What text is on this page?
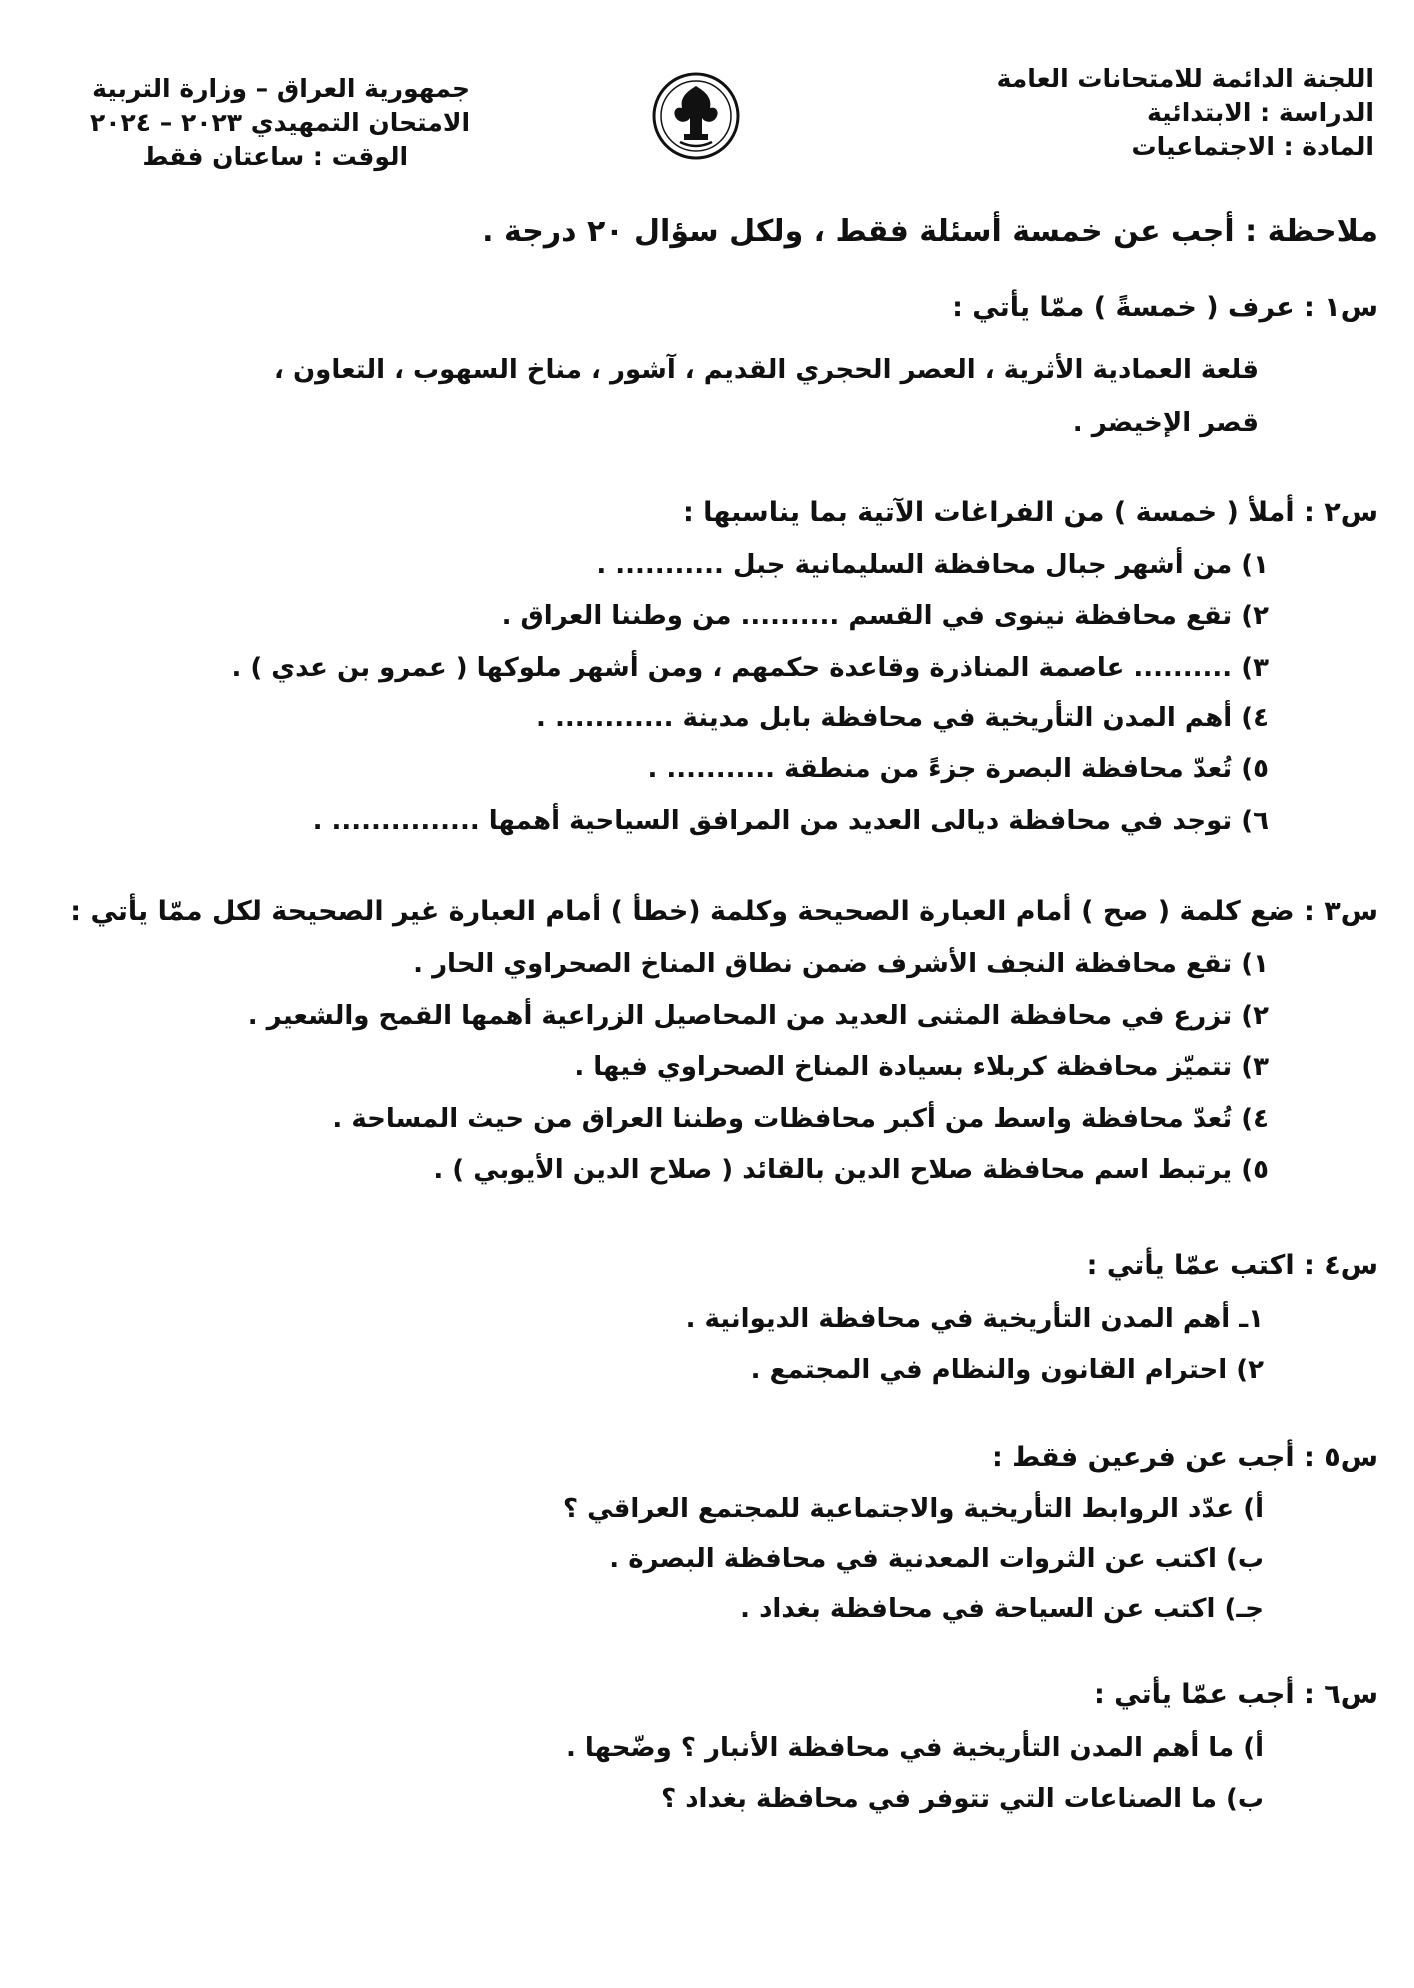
اللجنة الدائمة للامتحانات العامة
الدراسة : الابتدائية
المادة : الاجتماعيات
جمهورية العراق – وزارة التربية
الامتحان التمهيدي ٢٠٢٣ – ٢٠٢٤
الوقت : ساعتان فقط
ملاحظة : أجب عن خمسة أسئلة فقط ، ولكل سؤال ٢٠ درجة .
س١ : عرف ( خمسةً ) ممّا يأتي :
قلعة العمادية الأثرية ، العصر الحجري القديم ، آشور ، مناخ السهوب ، التعاون ،
قصر الإخيضر .
س٢ : أملأ ( خمسة ) من الفراغات الآتية بما يناسبها :
١) من أشهر جبال محافظة السليمانية جبل ........... .
٢) تقع محافظة نينوى في القسم .......... من وطننا العراق .
٣) .......... عاصمة المناذرة وقاعدة حكمهم ، ومن أشهر ملوكها ( عمرو بن عدي ) .
٤) أهم المدن التأريخية في محافظة بابل مدينة ............ .
٥) تُعدّ محافظة البصرة جزءً من منطقة ........... .
٦) توجد في محافظة ديالى العديد من المرافق السياحية أهمها ............... .
س٣ : ضع كلمة ( صح ) أمام العبارة الصحيحة وكلمة (خطأ ) أمام العبارة غير الصحيحة لكل ممّا يأتي :
١) تقع محافظة النجف الأشرف ضمن نطاق المناخ الصحراوي الحار .
٢) تزرع في محافظة المثنى العديد من المحاصيل الزراعية أهمها القمح والشعير .
٣) تتميّز محافظة كربلاء بسيادة المناخ الصحراوي فيها .
٤) تُعدّ محافظة واسط من أكبر محافظات وطننا العراق من حيث المساحة .
٥) يرتبط اسم محافظة صلاح الدين بالقائد ( صلاح الدين الأيوبي ) .
س٤ : اكتب عمّا يأتي :
١ـ أهم المدن التأريخية في محافظة الديوانية .
٢) احترام القانون والنظام في المجتمع .
س٥ : أجب عن فرعين فقط :
أ) عدّد الروابط التأريخية والاجتماعية للمجتمع العراقي ؟
ب) اكتب عن الثروات المعدنية في محافظة البصرة .
جـ) اكتب عن السياحة في محافظة بغداد .
س٦ : أجب عمّا يأتي :
أ) ما أهم المدن التأريخية في محافظة الأنبار ؟ وضّحها .
ب) ما الصناعات التي تتوفر في محافظة بغداد ؟
